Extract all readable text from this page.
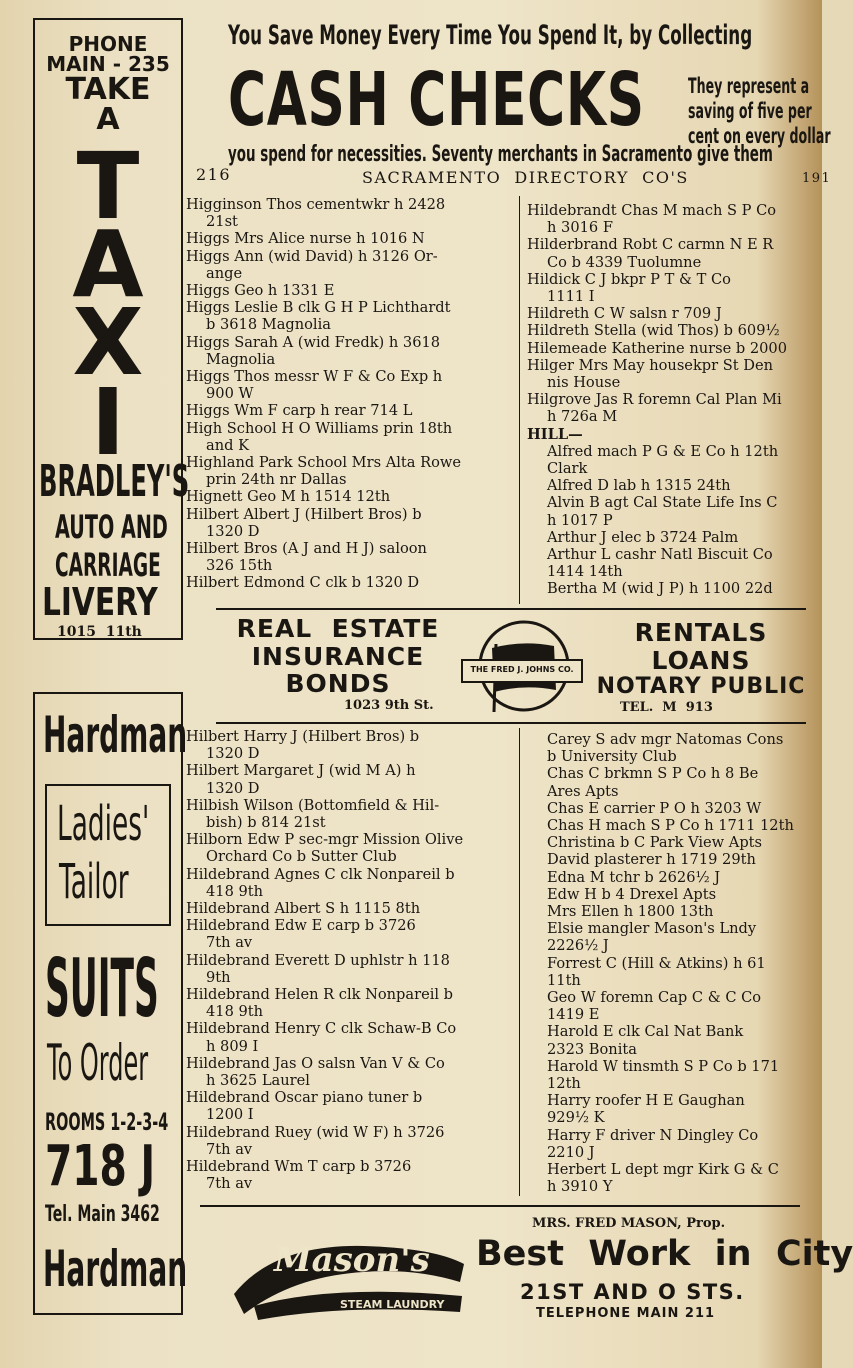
You Save Money Every Time You Spend It, by Collecting
CASH CHECKS They represent a
saving of five per
cent on every dollar
you spend for necessities. Seventy merchants in Sacramento give them
216	SACRAMENTO  DIRECTORY  CO'S	191
PHONE
MAIN - 235
TAKE
A
T
A
X
I
BRADLEY'S
AUTO AND
CARRIAGE
LIVERY
1015  11th
Hardman
Ladies'
Tailor
SUITS
To Order
ROOMS 1-2-3-4
718 J
Tel. Main 3462
Hardman
Higginson Thos cementwkr h 2428
21st
Higgs Mrs Alice nurse h 1016 N
Higgs Ann (wid David) h 3126 Or-
ange
Higgs Geo h 1331 E
Higgs Leslie B clk G H P Lichthardt
b 3618 Magnolia
Higgs Sarah A (wid Fredk) h 3618
Magnolia
Higgs Thos messr W F & Co Exp h
900 W
Higgs Wm F carp h rear 714 L
High School H O Williams prin 18th
and K
Highland Park School Mrs Alta Rowe
prin 24th nr Dallas
Hignett Geo M h 1514 12th
Hilbert Albert J (Hilbert Bros) b
1320 D
Hilbert Bros (A J and H J) saloon
326 15th
Hilbert Edmond C clk b 1320 D
Hildebrandt Chas M mach S P Co
h 3016 F
Hilderbrand Robt C carmn N E R
Co b 4339 Tuolumne
Hildick C J bkpr P T & T Co
1111 I
Hildreth C W salsn r 709 J
Hildreth Stella (wid Thos) b 609½
Hilemeade Katherine nurse b 2000
Hilger Mrs May housekpr St Den
nis House
Hilgrove Jas R foremn Cal Plan Mi
h 726a M
HILL—
Alfred mach P G & E Co h 12th
Clark
Alfred D lab h 1315 24th
Alvin B agt Cal State Life Ins C
h 1017 P
Arthur J elec b 3724 Palm
Arthur L cashr Natl Biscuit Co
1414 14th
Bertha M (wid J P) h 1100 22d
Hilbert Harry J (Hilbert Bros) b
1320 D
Hilbert Margaret J (wid M A) h
1320 D
Hilbish Wilson (Bottomfield & Hil-
bish) b 814 21st
Hilborn Edw P sec-mgr Mission Olive
Orchard Co b Sutter Club
Hildebrand Agnes C clk Nonpareil b
418 9th
Hildebrand Albert S h 1115 8th
Hildebrand Edw E carp b 3726
7th av
Hildebrand Everett D uphlstr h 118
9th
Hildebrand Helen R clk Nonpareil b
418 9th
Hildebrand Henry C clk Schaw-B Co
h 809 I
Hildebrand Jas O salsn Van V & Co
h 3625 Laurel
Hildebrand Oscar piano tuner b
1200 I
Hildebrand Ruey (wid W F) h 3726
7th av
Hildebrand Wm T carp b 3726
7th av
Carey S adv mgr Natomas Cons
b University Club
Chas C brkmn S P Co h 8 Be
Ares Apts
Chas E carrier P O h 3203 W
Chas H mach S P Co h 1711 12th
Christina b C Park View Apts
David plasterer h 1719 29th
Edna M tchr b 2626½ J
Edw H b 4 Drexel Apts
Mrs Ellen h 1800 13th
Elsie mangler Mason's Lndy
2226½ J
Forrest C (Hill & Atkins) h 61
11th
Geo W foremn Cap C & C Co
1419 E
Harold E clk Cal Nat Bank
2323 Bonita
Harold W tinsmth S P Co b 171
12th
Harry roofer H E Gaughan
929½ K
Harry F driver N Dingley Co
2210 J
Herbert L dept mgr Kirk G & C
h 3910 Y
REAL  ESTATE
INSURANCE
BONDS
1023 9th St.
THE FRED J. JOHNS CO.
RENTALS
LOANS
NOTARY PUBLIC
TEL.  M  913
Mason's
STEAM LAUNDRY
MRS. FRED MASON, Prop.
Best  Work  in  City
21ST AND O STS.
TELEPHONE MAIN 211
